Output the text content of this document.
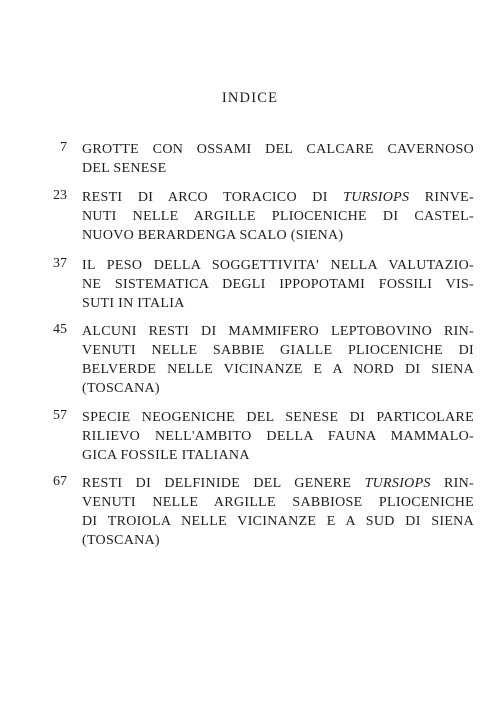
INDICE
7 GROTTE CON OSSAMI DEL CALCARE CAVERNOSO
DEL SENESE
23 RESTI DI ARCO TORACICO DI TURSIOPS RINVE-
NUTI NELLE ARGILLE PLIOCENICHE DI CASTEL-
NUOVO BERARDENGA SCALO (SIENA)
37 IL PESO DELLA SOGGETTIVITA' NELLA VALUTAZIO-
NE SISTEMATICA DEGLI IPPOPOTAMI FOSSILI VIS-
SUTI IN ITALIA
45 ALCUNI RESTI DI MAMMIFERO LEPTOBOVINO RIN-
VENUTI NELLE SABBIE GIALLE PLIOCENICHE DI
BELVERDE NELLE VICINANZE E A NORD DI SIENA
(TOSCANA)
57 SPECIE NEOGENICHE DEL SENESE DI PARTICOLARE
RILIEVO NELL'AMBITO DELLA FAUNA MAMMALO-
GICA FOSSILE ITALIANA
67 RESTI DI DELFINIDE DEL GENERE TURSIOPS RIN-
VENUTI NELLE ARGILLE SABBIOSE PLIOCENICHE
DI TROIOLA NELLE VICINANZE E A SUD DI SIENA
(TOSCANA)
